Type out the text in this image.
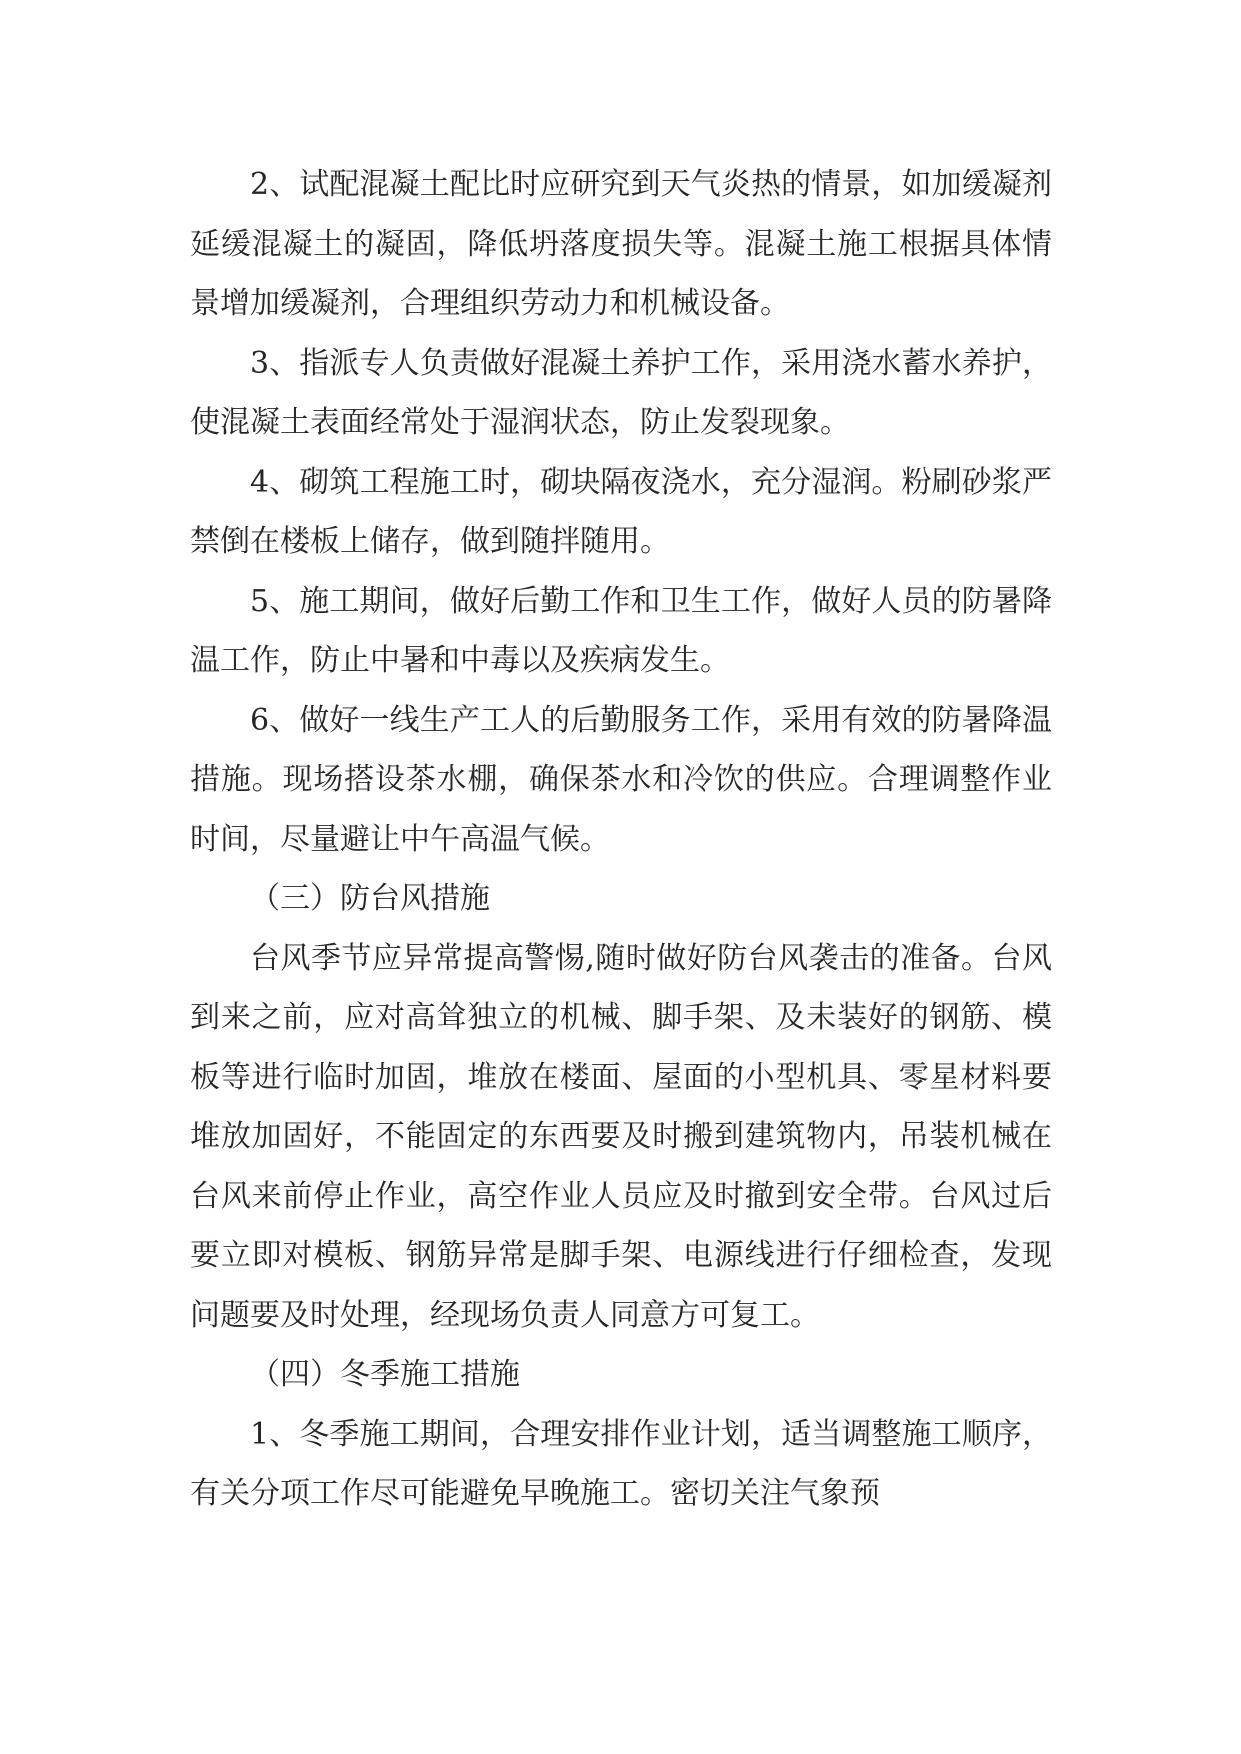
2、试配混凝土配比时应研究到天气炎热的情景，如加缓凝剂延缓混凝土的凝固，降低坍落度损失等。混凝土施工根据具体情景增加缓凝剂，合理组织劳动力和机械设备。

3、指派专人负责做好混凝土养护工作，采用浇水蓄水养护，使混凝土表面经常处于湿润状态，防止发裂现象。

4、砌筑工程施工时，砌块隔夜浇水，充分湿润。粉刷砂浆严禁倒在楼板上储存，做到随拌随用。

5、施工期间，做好后勤工作和卫生工作，做好人员的防暑降温工作，防止中暑和中毒以及疾病发生。

6、做好一线生产工人的后勤服务工作，采用有效的防暑降温措施。现场搭设茶水棚，确保茶水和冷饮的供应。合理调整作业时间，尽量避让中午高温气候。

（三）防台风措施

台风季节应异常提高警惕,随时做好防台风袭击的准备。台风到来之前，应对高耸独立的机械、脚手架、及未装好的钢筋、模板等进行临时加固，堆放在楼面、屋面的小型机具、零星材料要堆放加固好，不能固定的东西要及时搬到建筑物内，吊装机械在台风来前停止作业，高空作业人员应及时撤到安全带。台风过后要立即对模板、钢筋异常是脚手架、电源线进行仔细检查，发现问题要及时处理，经现场负责人同意方可复工。

（四）冬季施工措施

1、冬季施工期间，合理安排作业计划，适当调整施工顺序，有关分项工作尽可能避免早晚施工。密切关注气象预
